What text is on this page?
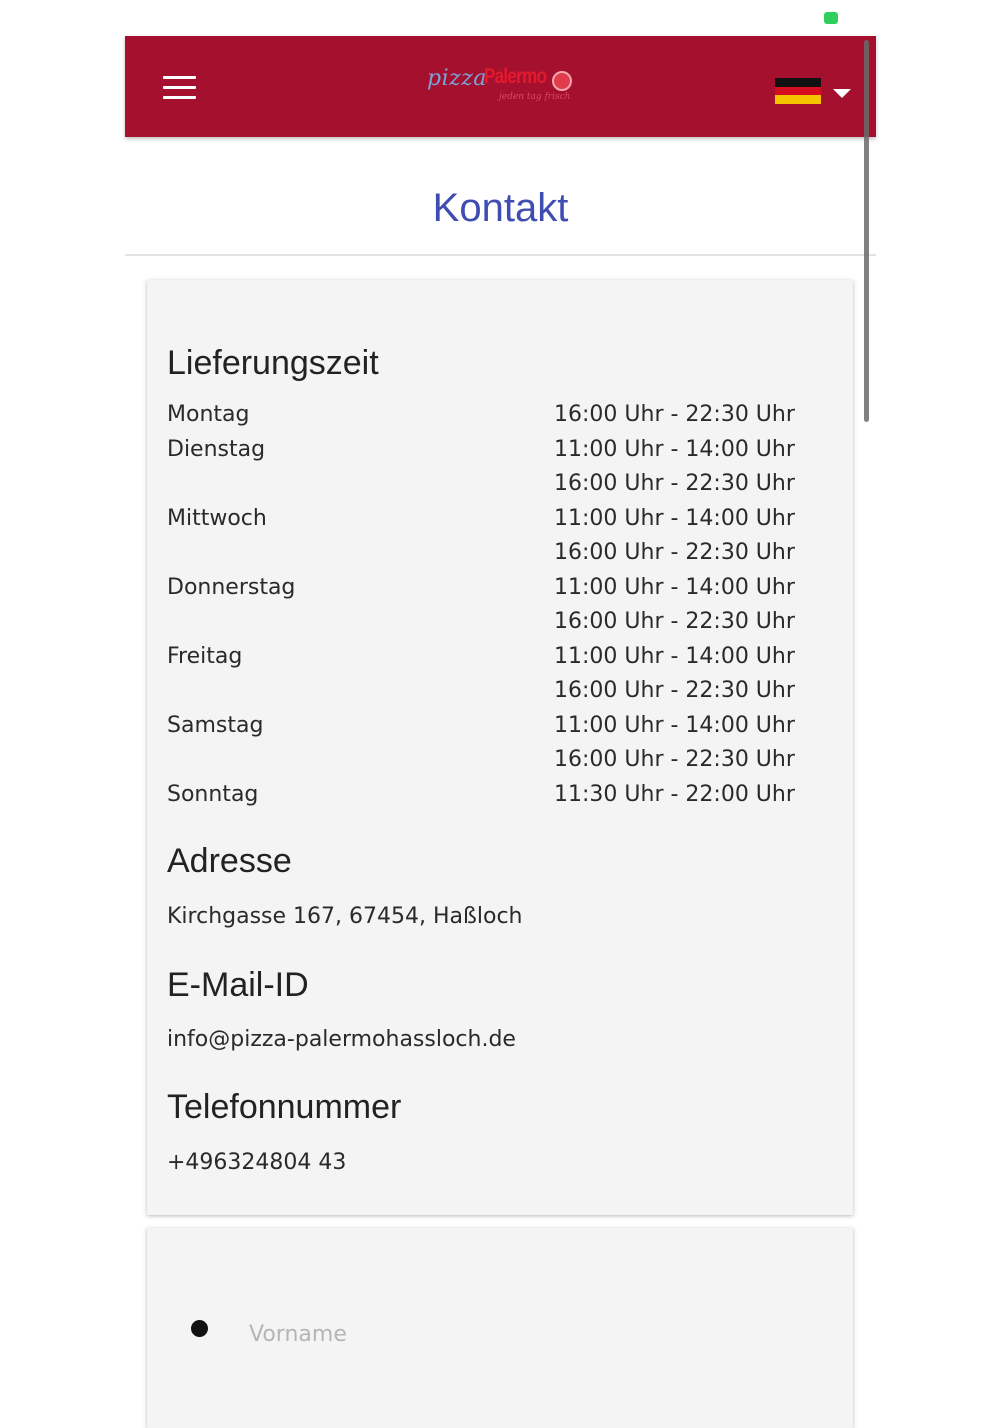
pizza
Palermo
jeden tag frisch
Kontakt
Lieferungszeit
Montag	16:00 Uhr - 22:30 Uhr
Dienstag	11:00 Uhr - 14:00 Uhr
16:00 Uhr - 22:30 Uhr
Mittwoch	11:00 Uhr - 14:00 Uhr
16:00 Uhr - 22:30 Uhr
Donnerstag	11:00 Uhr - 14:00 Uhr
16:00 Uhr - 22:30 Uhr
Freitag	11:00 Uhr - 14:00 Uhr
16:00 Uhr - 22:30 Uhr
Samstag	11:00 Uhr - 14:00 Uhr
16:00 Uhr - 22:30 Uhr
Sonntag	11:30 Uhr - 22:00 Uhr
Adresse
Kirchgasse 167, 67454, Haßloch
E-Mail-ID
info@pizza-palermohassloch.de
Telefonnummer
+496324804 43
Vorname
